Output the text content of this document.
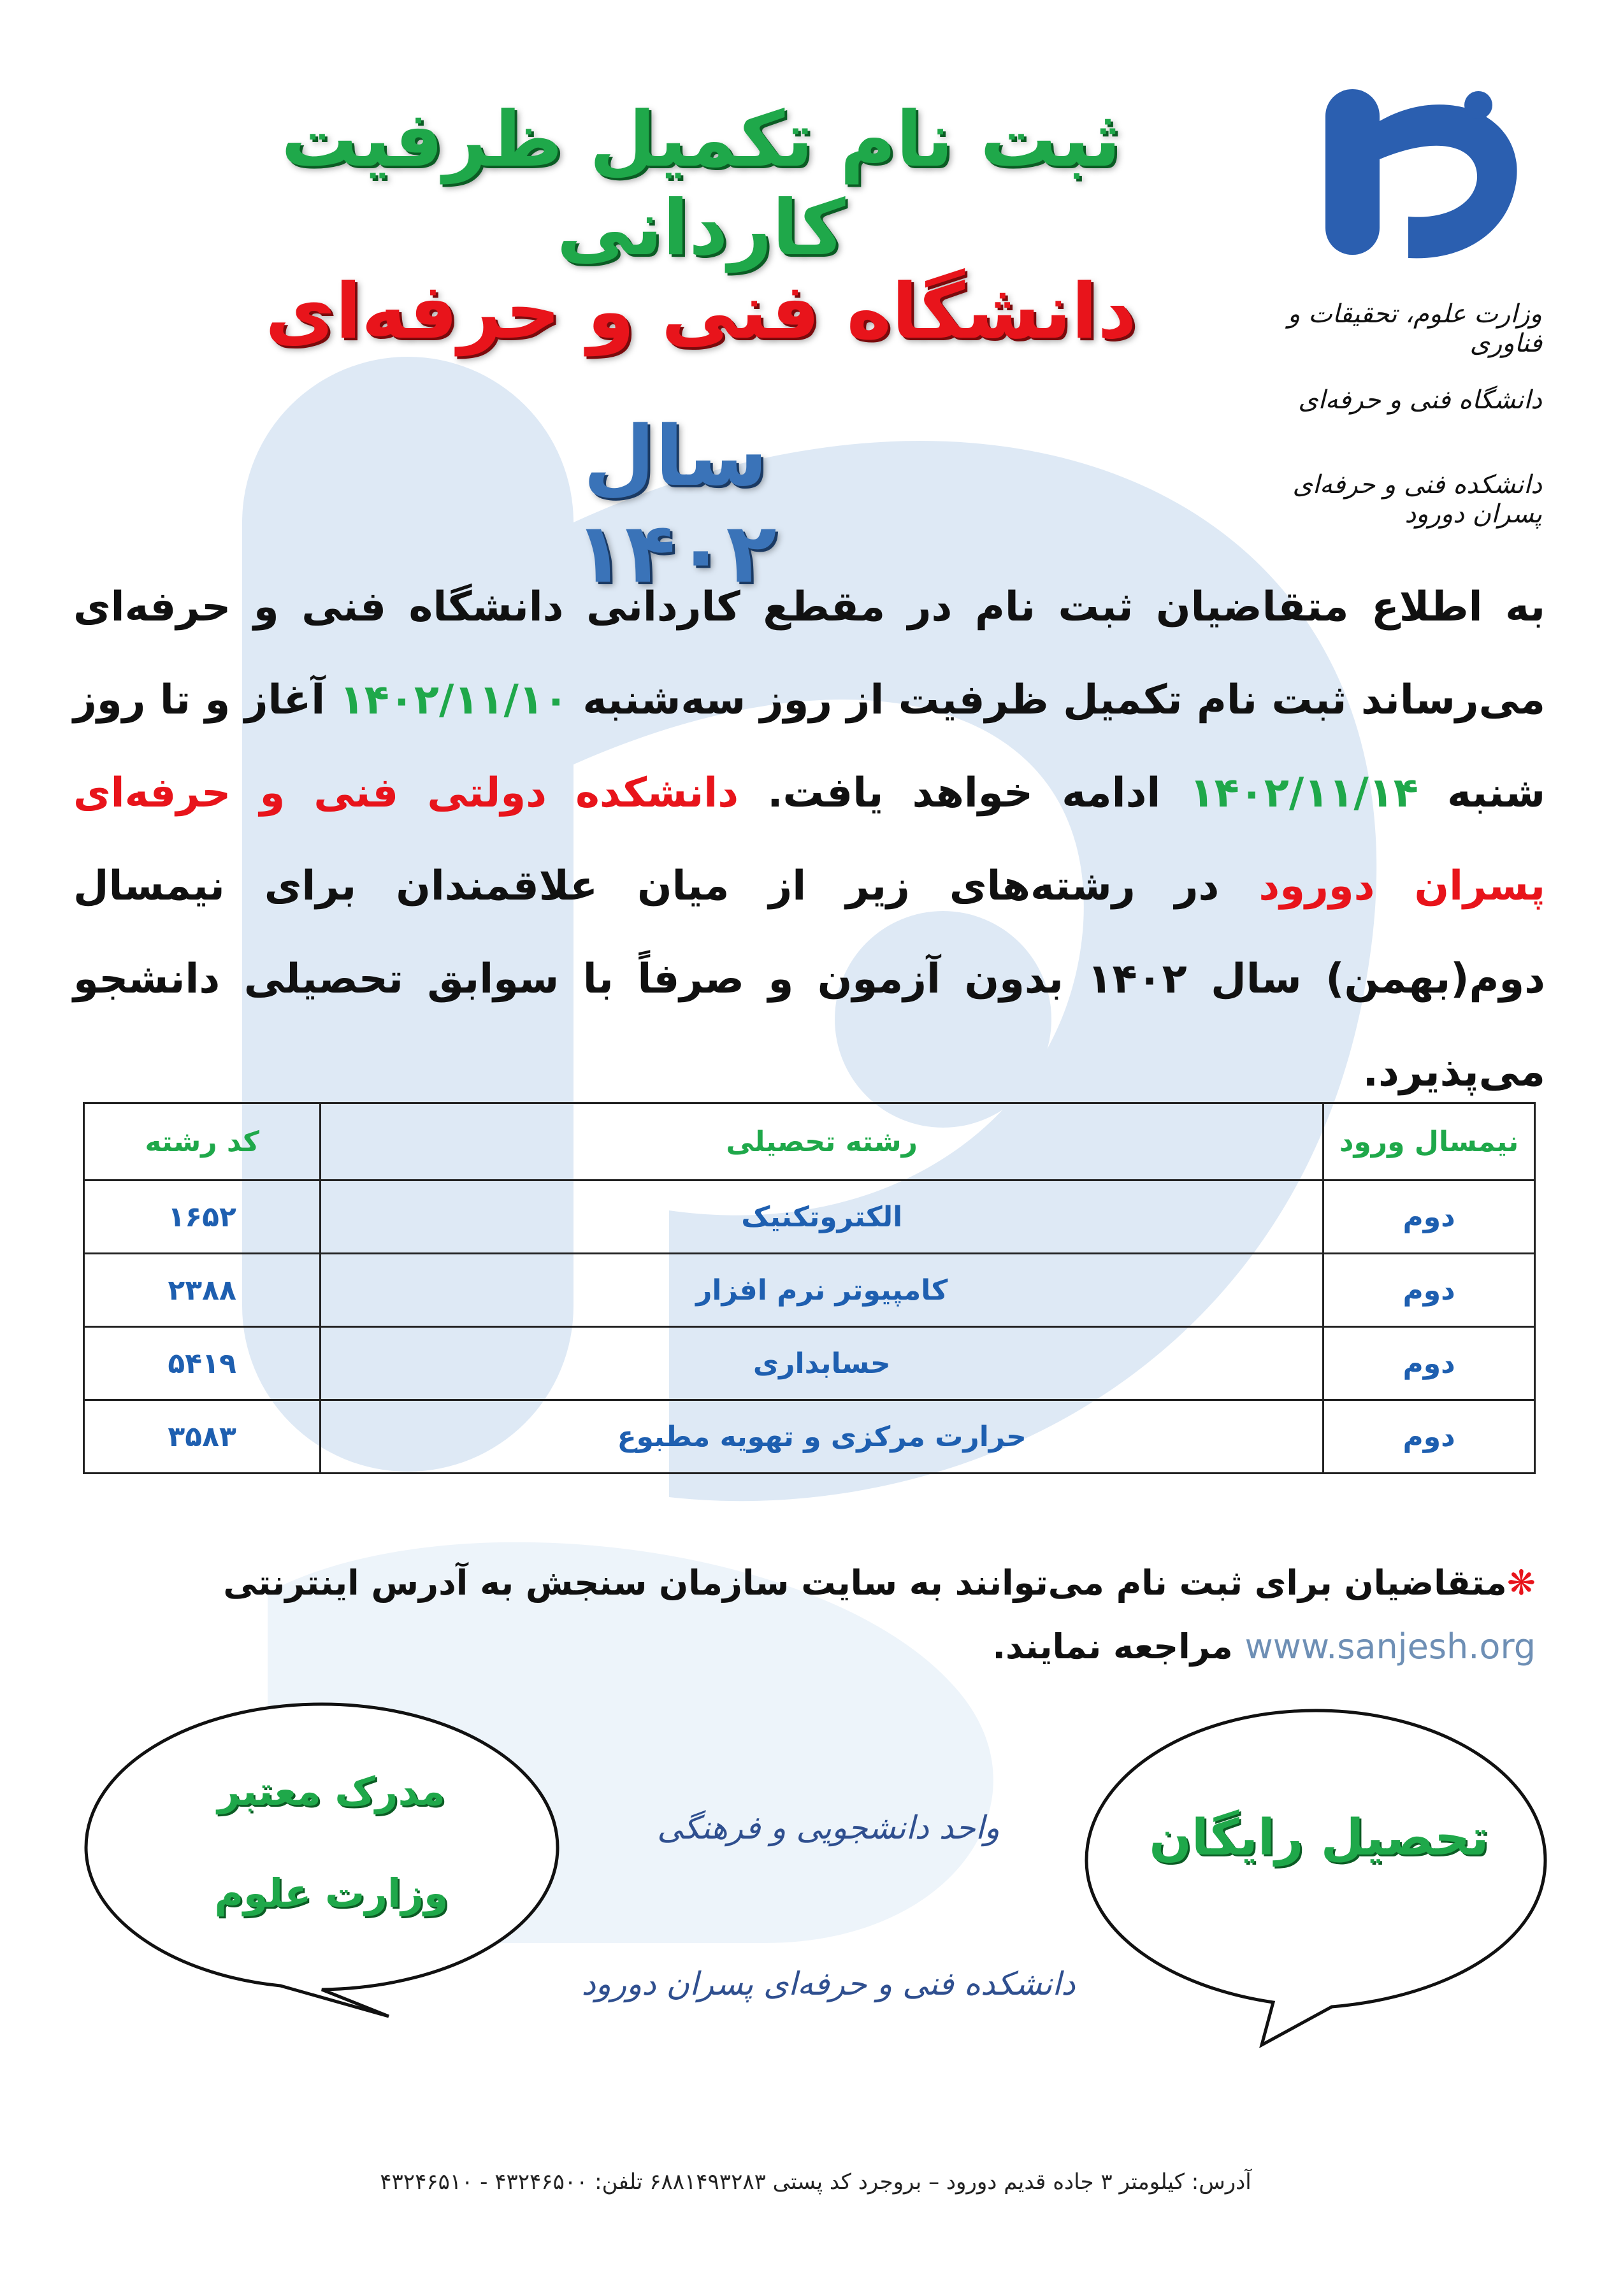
ثبت نام تکمیل ظرفیت کاردانی
دانشگاه فنی و حرفه‌ای
سال ۱۴۰۲
وزارت علوم، تحقیقات و فناوری
دانشگاه فنی و حرفه‌ای
دانشکده فنی و حرفه‌ای پسران دورود
به اطلاع متقاضیان ثبت نام در مقطع کاردانی دانشگاه فنی و حرفه‌ای می‌رساند ثبت نام تکمیل ظرفیت از روز سه‌شنبه ۱۴۰۲/۱۱/۱۰ آغاز و تا روز شنبه ۱۴۰۲/۱۱/۱۴ ادامه خواهد یافت. دانشکده دولتی فنی و حرفه‌ای پسران دورود در رشته‌های زیر از میان علاقمندان برای نیمسال دوم(بهمن) سال ۱۴۰۲ بدون آزمون و صرفاً با سوابق تحصیلی دانشجو می‌پذیرد.
نیمسال ورود	رشته تحصیلی	کد رشته
دوم	الکتروتکنیک	۱۶۵۲
دوم	کامپیوتر نرم افزار	۲۳۸۸
دوم	حسابداری	۵۴۱۹
دوم	حرارت مرکزی و تهویه مطبوع	۳۵۸۳
❋متقاضیان برای ثبت نام می‌توانند به سایت سازمان سنجش به آدرس اینترنتی www.sanjesh.org مراجعه نمایند.
تحصیل رایگان
مدرک معتبر
وزارت علوم
واحد دانشجویی و فرهنگی
دانشکده فنی و حرفه‌ای پسران دورود
آدرس: کیلومتر ۳ جاده قدیم دورود – بروجرد کد پستی ۶۸۸۱۴۹۳۲۸۳ تلفن: ۴۳۲۴۶۵۰۰ - ۴۳۲۴۶۵۱۰
